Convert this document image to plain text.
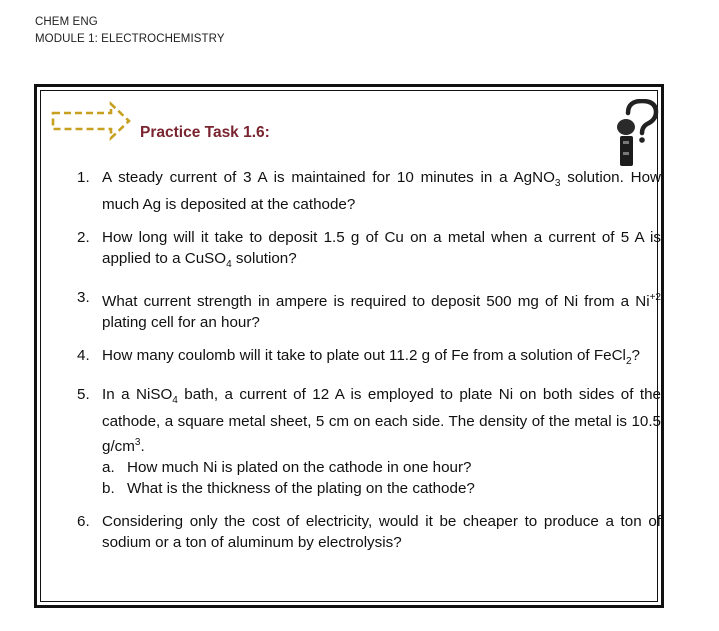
CHEM ENG
MODULE 1: ELECTROCHEMISTRY
Practice Task 1.6:
1. A steady current of 3 A is maintained for 10 minutes in a AgNO$_3$ solution. How much Ag is deposited at the cathode?
2. How long will it take to deposit 1.5 g of Cu on a metal when a current of 5 A is applied to a CuSO$_4$ solution?
3. What current strength in ampere is required to deposit 500 mg of Ni from a $Ni^{+2}$ plating cell for an hour?
4. How many coulomb will it take to plate out 11.2 g of Fe from a solution of FeCl$_2$?
5. In a NiSO$_4$ bath, a current of 12 A is employed to plate Ni on both sides of the cathode, a square metal sheet, 5 cm on each side. The density of the metal is 10.5 $g/cm^3$.
a. How much Ni is plated on the cathode in one hour?
b. What is the thickness of the plating on the cathode?
6. Considering only the cost of electricity, would it be cheaper to produce a ton of sodium or a ton of aluminum by electrolysis?
